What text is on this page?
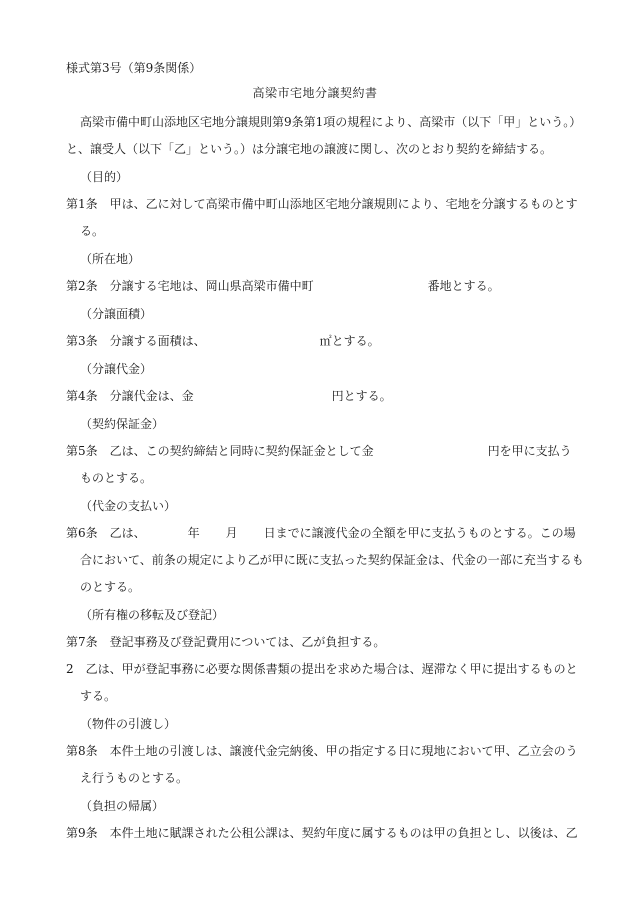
様式第3号（第9条関係）
高梁市宅地分譲契約書
高梁市備中町山添地区宅地分譲規則第9条第1項の規程により、高梁市（以下「甲」という。）
と、譲受人（以下「乙」という。）は分譲宅地の譲渡に関し、次のとおり契約を締結する。
（目的）
第1条　甲は、乙に対して高梁市備中町山添地区宅地分譲規則により、宅地を分譲するものとす
る。
（所在地）
第2条　分譲する宅地は、岡山県高梁市備中町	番地とする。
（分譲面積）
第3条　分譲する面積は、	㎡とする。
（分譲代金）
第4条　分譲代金は、金	円とする。
（契約保証金）
第5条　乙は、この契約締結と同時に契約保証金として金	円を甲に支払う
ものとする。
（代金の支払い）
第6条　乙は、	年 月 日までに譲渡代金の全額を甲に支払うものとする。この場
合において、前条の規定により乙が甲に既に支払った契約保証金は、代金の一部に充当するも
のとする。
（所有権の移転及び登記）
第7条　登記事務及び登記費用については、乙が負担する。
2　乙は、甲が登記事務に必要な関係書類の提出を求めた場合は、遅滞なく甲に提出するものと
する。
（物件の引渡し）
第8条　本件土地の引渡しは、譲渡代金完納後、甲の指定する日に現地において甲、乙立会のう
え行うものとする。
（負担の帰属）
第9条　本件土地に賦課された公租公課は、契約年度に属するものは甲の負担とし、以後は、乙
